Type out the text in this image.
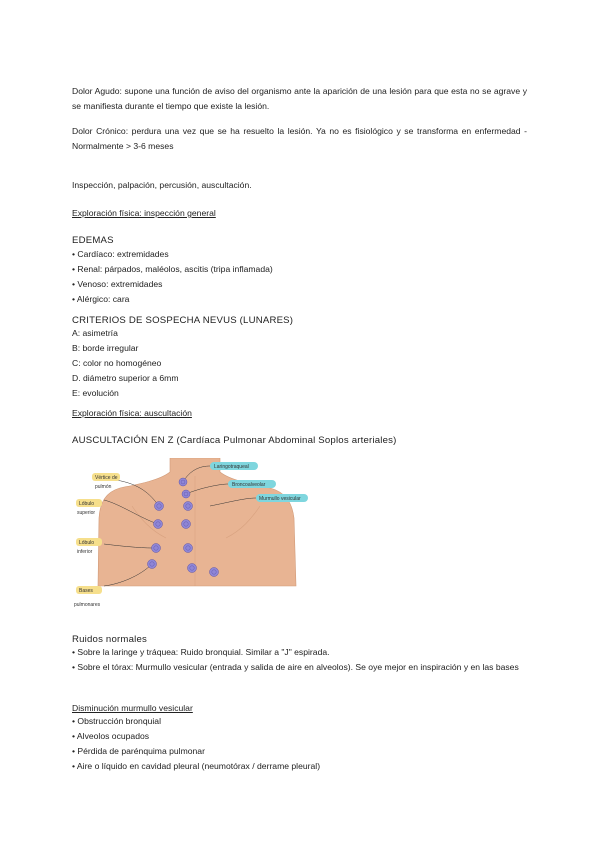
Dolor Agudo: supone una función de aviso del organismo ante la aparición de una lesión para que esta no se agrave y se manifiesta durante el tiempo que existe la lesión.

Dolor Crónico: perdura una vez que se ha resuelto la lesión. Ya no es fisiológico y se transforma en enfermedad - Normalmente > 3-6 meses

Inspección, palpación, percusión, auscultación.

Exploración física: inspección general

EDEMAS

• Cardíaco: extremidades
• Renal: párpados, maléolos, ascitis (tripa inflamada)
• Venoso: extremidades
• Alérgico: cara

CRITERIOS DE SOSPECHA NEVUS (LUNARES)

A: asimetría
B: borde irregular
C: color no homogéneo
D. diámetro superior a 6mm
E: evolución

Exploración física: auscultación

AUSCULTACIÓN EN Z (Cardíaca Pulmonar Abdominal Soplos arteriales)

Laringotraqueal
Broncoalveolar
Murmullo vesicular
Vértice de
pulmón
Lóbulo
superior
Lóbulo
inferior
Bases
pulmonares

Ruidos normales

• Sobre la laringe y tráquea: Ruido bronquial. Similar a "J" espirada.

• Sobre el tórax: Murmullo vesicular (entrada y salida de aire en alveolos). Se oye mejor en inspiración y en las bases

Disminución murmullo vesicular

• Obstrucción bronquial
• Alveolos ocupados
• Pérdida de parénquima pulmonar
• Aire o líquido en cavidad pleural (neumotórax / derrame pleural)
